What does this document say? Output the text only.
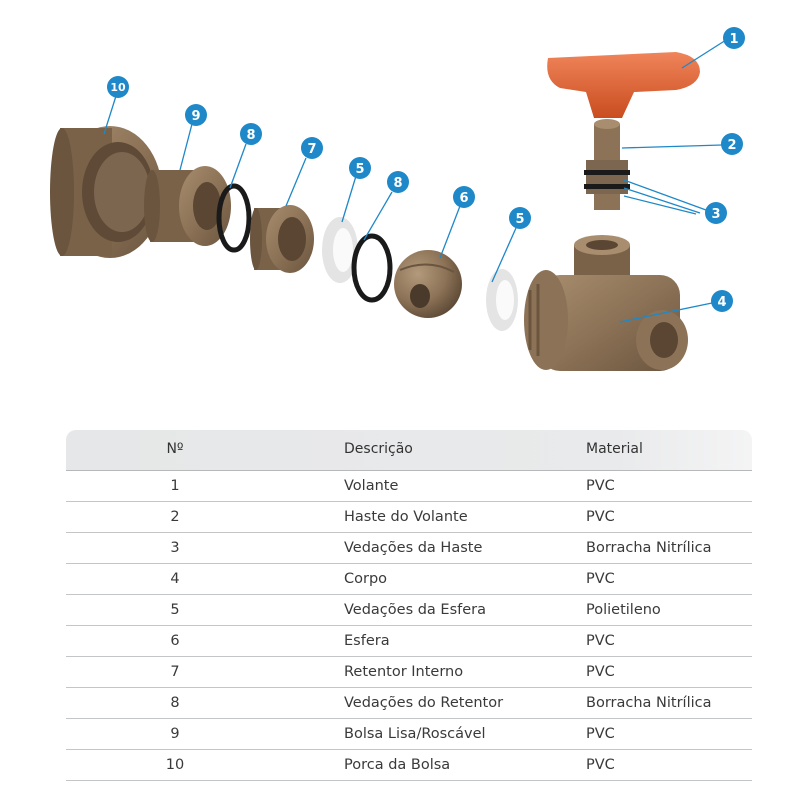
1
2
3
4
5
5
6
7
8
8
9
10
Nº	Descrição	Material
1	Volante	PVC
2	Haste do Volante	PVC
3	Vedações da Haste	Borracha Nitrílica
4	Corpo	PVC
5	Vedações da Esfera	Polietileno
6	Esfera	PVC
7	Retentor Interno	PVC
8	Vedações do Retentor	Borracha Nitrílica
9	Bolsa Lisa/Roscável	PVC
10	Porca da Bolsa	PVC
